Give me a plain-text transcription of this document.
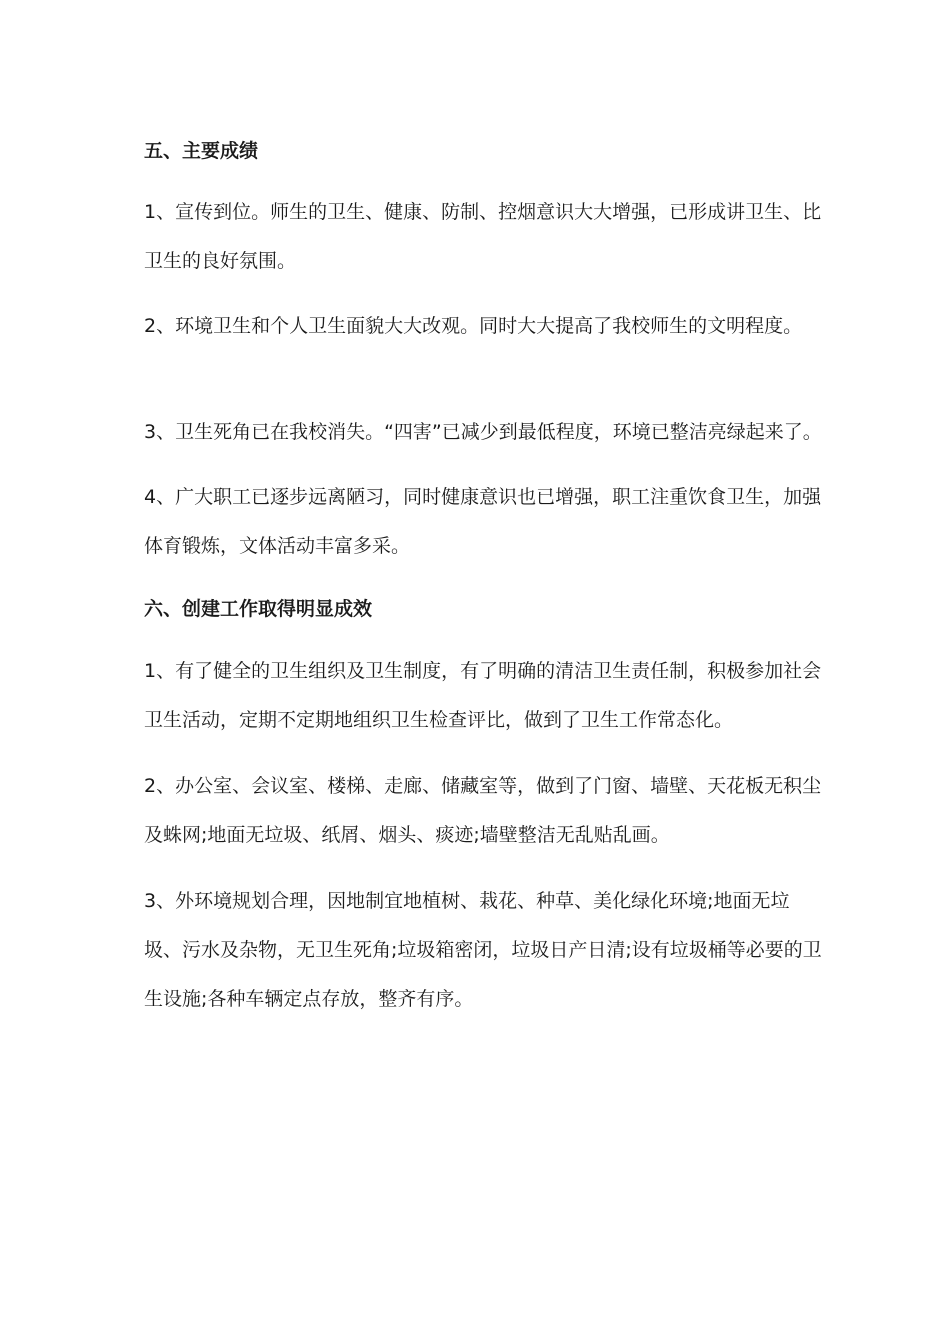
五、主要成绩

1、宣传到位。师生的卫生、健康、防制、控烟意识大大增强，已形成讲卫生、比卫生的良好氛围。

2、环境卫生和个人卫生面貌大大改观。同时大大提高了我校师生的文明程度。

3、卫生死角已在我校消失。“四害”已减少到最低程度，环境已整洁亮绿起来了。

4、广大职工已逐步远离陋习，同时健康意识也已增强，职工注重饮食卫生，加强体育锻炼，文体活动丰富多采。

六、创建工作取得明显成效

1、有了健全的卫生组织及卫生制度，有了明确的清洁卫生责任制，积极参加社会卫生活动，定期不定期地组织卫生检查评比，做到了卫生工作常态化。

2、办公室、会议室、楼梯、走廊、储藏室等，做到了门窗、墙壁、天花板无积尘及蛛网;地面无垃圾、纸屑、烟头、痰迹;墙壁整洁无乱贴乱画。

3、外环境规划合理，因地制宜地植树、栽花、种草、美化绿化环境;地面无垃圾、污水及杂物，无卫生死角;垃圾箱密闭，垃圾日产日清;设有垃圾桶等必要的卫生设施;各种车辆定点存放，整齐有序。
